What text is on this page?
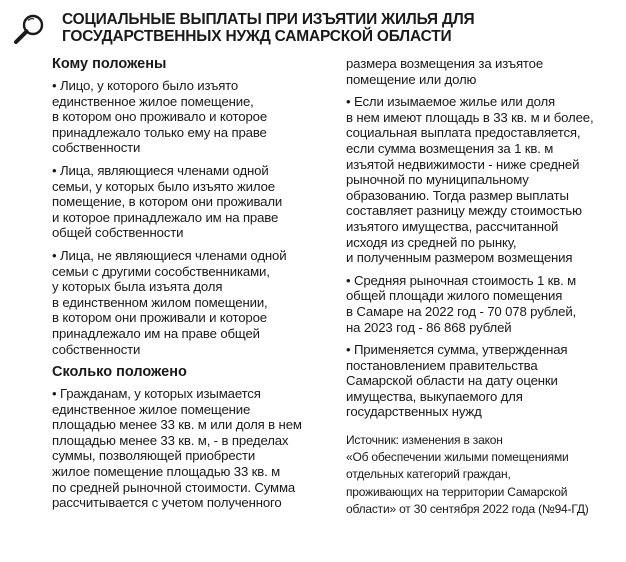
СОЦИАЛЬНЫЕ ВЫПЛАТЫ ПРИ ИЗЪЯТИИ ЖИЛЬЯ ДЛЯ ГОСУДАРСТВЕННЫХ НУЖД САМАРСКОЙ ОБЛАСТИ
Кому положены
• Лицо, у которого было изъято
единственное жилое помещение,
в котором оно проживало и которое
принадлежало только ему на праве
собственности
• Лица, являющиеся членами одной
семьи, у которых было изъято жилое
помещение, в котором они проживали
и которое принадлежало им на праве
общей собственности
• Лица, не являющиеся членами одной
семьи с другими сособственниками,
у которых была изъята доля
в единственном жилом помещении,
в котором они проживали и которое
принадлежало им на праве общей
собственности
Сколько положено
• Гражданам, у которых изымается
единственное жилое помещение
площадью менее 33 кв. м или доля в нем
площадью менее 33 кв. м, - в пределах
суммы, позволяющей приобрести
жилое помещение площадью 33 кв. м
по средней рыночной стоимости. Сумма
рассчитывается с учетом полученного
размера возмещения за изъятое
помещение или долю
• Если изымаемое жилье или доля
в нем имеют площадь в 33 кв. м и более,
социальная выплата предоставляется,
если сумма возмещения за 1 кв. м
изъятой недвижимости - ниже средней
рыночной по муниципальному
образованию. Тогда размер выплаты
составляет разницу между стоимостью
изъятого имущества, рассчитанной
исходя из средней по рынку,
и полученным размером возмещения
• Средняя рыночная стоимость 1 кв. м
общей площади жилого помещения
в Самаре на 2022 год - 70 078 рублей,
на 2023 год - 86 868 рублей
• Применяется сумма, утвержденная
постановлением правительства
Самарской области на дату оценки
имущества, выкупаемого для
государственных нужд
Источник: изменения в закон
«Об обеспечении жилыми помещениями
отдельных категорий граждан,
проживающих на территории Самарской
области» от 30 сентября 2022 года (№94-ГД)
